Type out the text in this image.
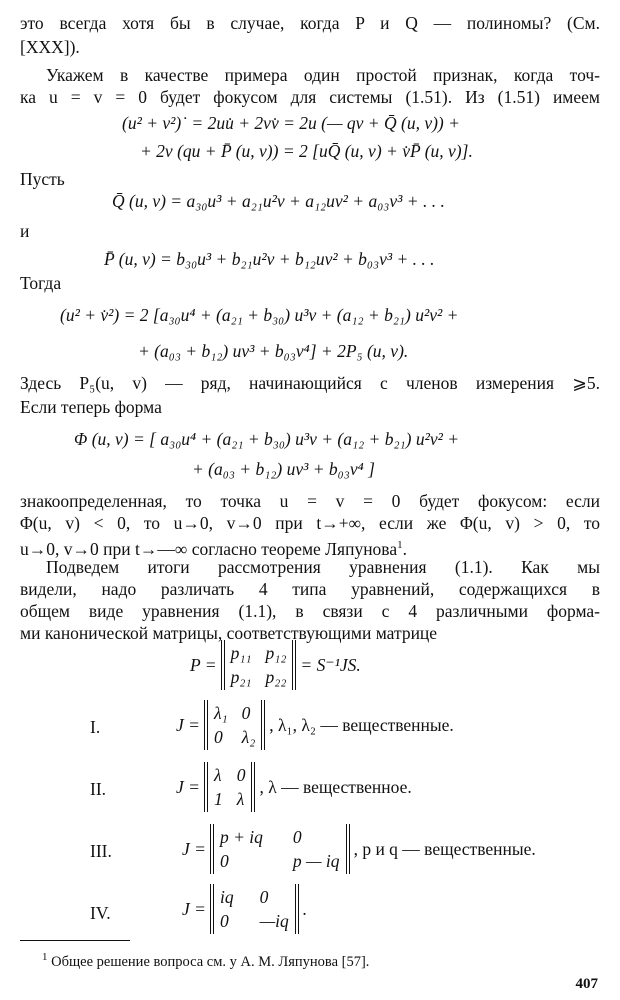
это всегда хотя бы в случае, когда P и Q — полиномы? (См.
[XXX]).
Укажем в качестве примера один простой признак, когда точ-
ка u = v = 0 будет фокусом для системы (1.51). Из (1.51) имеем
(u² + v²)˙ = 2uu̇ + 2vv̇ = 2u (— qv + Q̄ (u, v)) +
+ 2v (qu + P̄ (u, v)) = 2 [uQ̄ (u, v) + v̇P̄ (u, v)].
Пусть
Q̄ (u, v) = a₃₀u³ + a₂₁u²v + a₁₂uv² + a₀₃v³ + . . .
и
P̄ (u, v) = b₃₀u³ + b₂₁u²v + b₁₂uv² + b₀₃v³ + . . .
Тогда
(u² + v̇²) = 2 [a₃₀u⁴ + (a₂₁ + b₃₀) u³v + (a₁₂ + b₂₁) u²v² +
+ (a₀₃ + b₁₂) uv³ + b₀₃v⁴] + 2P₅ (u, v).
Здесь P₅(u, v) — ряд, начинающийся с членов измерения ⩾5.
Если теперь форма
Φ (u, v) = [ a₃₀u⁴ + (a₂₁ + b₃₀) u³v + (a₁₂ + b₂₁) u²v² +
+ (a₀₃ + b₁₂) uv³ + b₀₃v⁴ ]
знакоопределенная, то точка u = v = 0 будет фокусом: если
Φ(u, v) < 0, то u→0, v→0 при t→+∞, если же Φ(u, v) > 0, то
u→0, v→0 при t→—∞ согласно теореме Ляпунова$^1$.
Подведем итоги рассмотрения уравнения (1.1). Как мы
видели, надо различать 4 типа уравнений, содержащихся в
общем виде уравнения (1.1), в связи с 4 различными форма-
ми канонической матрицы, соответствующими матрице
P =
p₁₁ p₁₂
p₂₁ p₂₂
= S⁻¹JS.
I.	J =
λ₁ 0
0 λ₂
, λ₁, λ₂ — вещественные.
II.	J =
λ 0
1 λ
, λ — вещественное.
III.	J =
p + iq 0
0	p — iq
, p и q — вещественные.
IV.	J =
iq 0
0 —iq
.
$^1$ Общее решение вопроса см. у А. М. Ляпунова [57].
407
